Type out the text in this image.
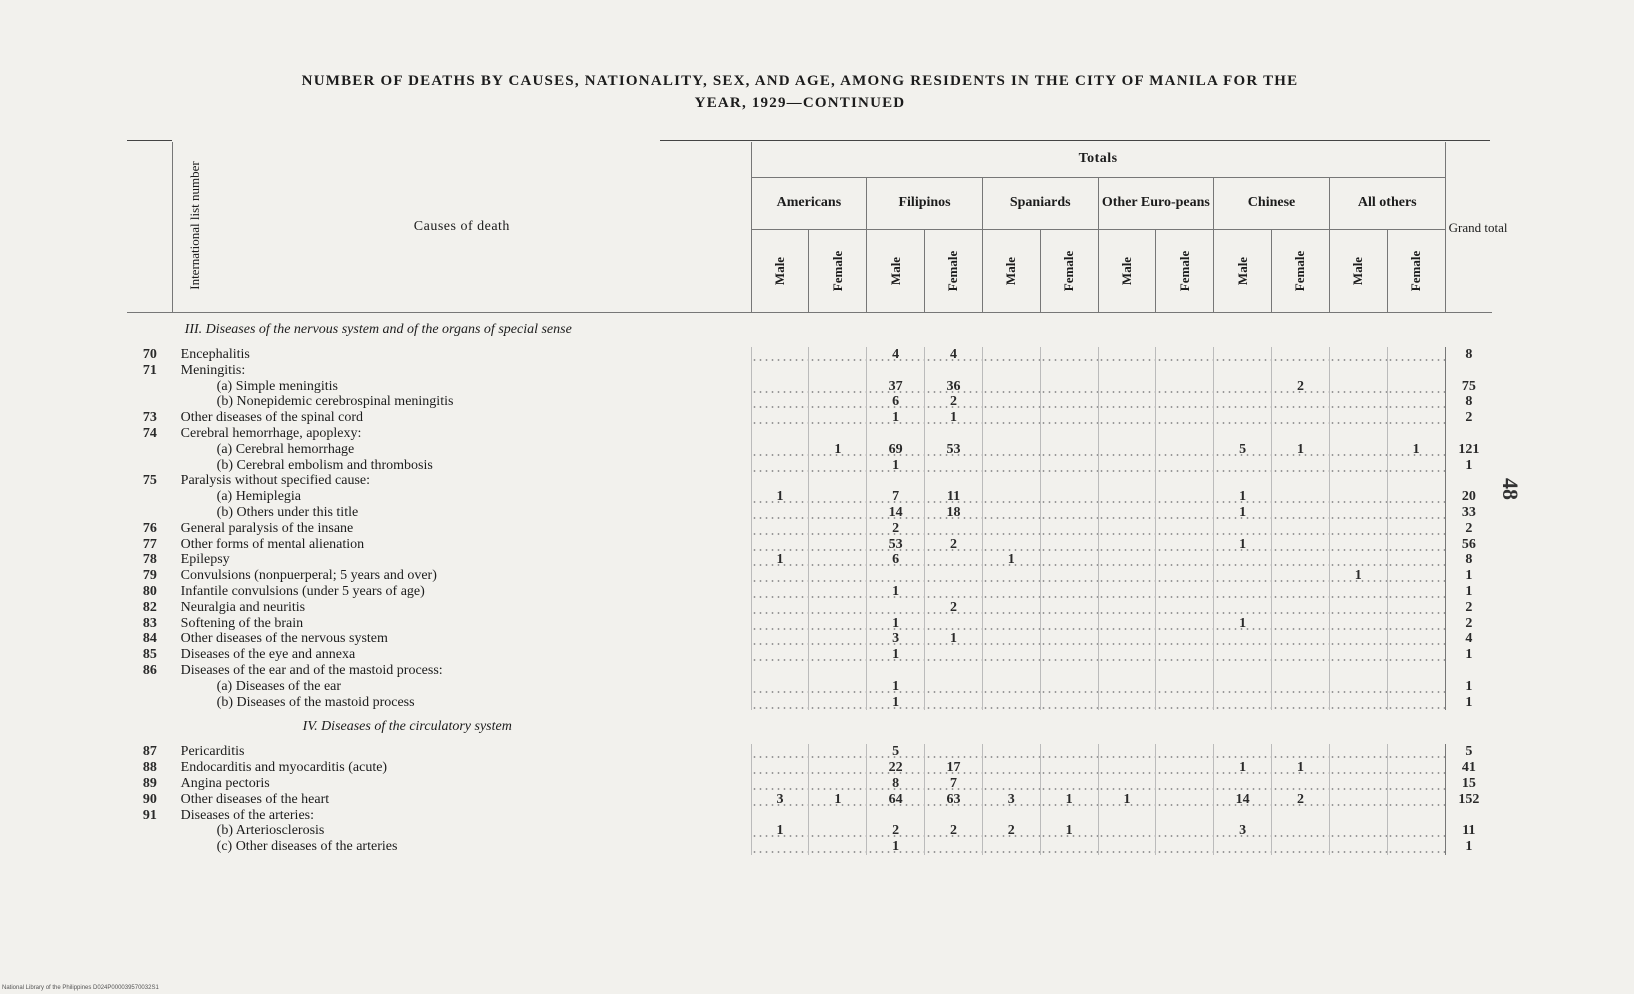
NUMBER OF DEATHS BY CAUSES, NATIONALITY, SEX, AND AGE, AMONG RESIDENTS IN THE CITY OF MANILA FOR THE
YEAR, 1929—CONTINUED
International list number	Causes of death	Totals												Grand total
		Americans		Filipinos		Spaniards		Other Euro-peans		Chinese		All others		
		Male	Female	Male	Female	Male	Female	Male	Female	Male	Female	Male	Female	
	III. Diseases of the nervous system and of the organs of special sense													
70	Encephalitis			4	4									8
71	Meningitis:													
	(a) Simple meningitis			37	36						2			75
	(b) Nonepidemic cerebrospinal meningitis			6	2									8
73	Other diseases of the spinal cord			1	1									2
74	Cerebral hemorrhage, apoplexy:													
	(a) Cerebral hemorrhage		1	69	53					5	1		1	121
	(b) Cerebral embolism and thrombosis			1										1
75	Paralysis without specified cause:													
	(a) Hemiplegia	1		7	11					1				20
	(b) Others under this title			14	18					1				33
76	General paralysis of the insane			2										2
77	Other forms of mental alienation			53	2					1				56
78	Epilepsy	1		6		1								8
79	Convulsions (nonpuerperal; 5 years and over)											1		1
80	Infantile convulsions (under 5 years of age)			1										1
82	Neuralgia and neuritis				2									2
83	Softening of the brain			1						1				2
84	Other diseases of the nervous system			3	1									4
85	Diseases of the eye and annexa			1										1
86	Diseases of the ear and of the mastoid process:													
	(a) Diseases of the ear			1										1
	(b) Diseases of the mastoid process			1										1
	IV. Diseases of the circulatory system													
87	Pericarditis			5										5
88	Endocarditis and myocarditis (acute)			22	17					1	1			41
89	Angina pectoris			8	7									15
90	Other diseases of the heart	3	1	64	63	3	1	1		14	2			152
91	Diseases of the arteries:													
	(b) Arteriosclerosis	1		2	2	2	1			3				11
	(c) Other diseases of the arteries			1										1
48
National Library of the Philippines D024P000039570032S1
